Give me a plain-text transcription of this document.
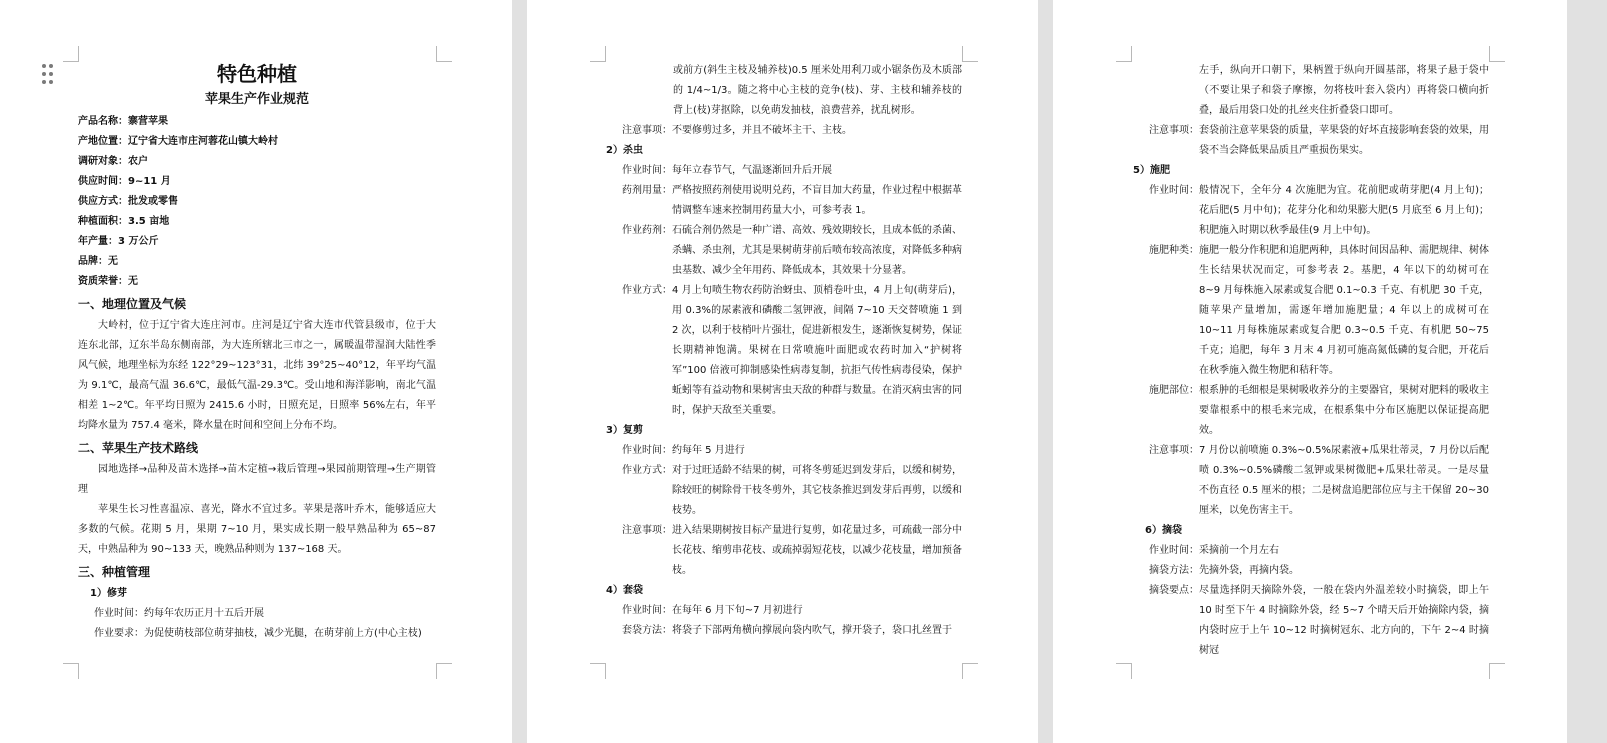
特色种植

苹果生产作业规范

产品名称：寨营苹果

产地位置：辽宁省大连市庄河蓉花山镇大岭村

调研对象：农户

供应时间：9~11 月

供应方式：批发或零售

种植面积：3.5 亩地

年产量：3 万公斤

品牌：无

资质荣誉：无

一、地理位置及气候

大岭村，位于辽宁省大连庄河市。庄河是辽宁省大连市代管县级市，位于大连东北部，辽东半岛东侧南部，为大连所辖北三市之一，属暖温带湿润大陆性季风气候，地理坐标为东经 122°29~123°31，北纬 39°25~40°12，年平均气温为 9.1℃，最高气温 36.6℃，最低气温-29.3℃。受山地和海洋影响，南北气温相差 1~2℃。年平均日照为 2415.6 小时，日照充足，日照率 56%左右，年平均降水量为 757.4 毫米，降水量在时间和空间上分布不均。

二、苹果生产技术路线

园地选择→品种及苗木选择→苗木定植→栽后管理→果园前期管理→生产期管理

苹果生长习性喜温凉、喜光，降水不宜过多。苹果是落叶乔木，能够适应大多数的气候。花期 5 月，果期 7~10 月，果实成长期一般早熟品种为 65~87 天，中熟品种为 90~133 天，晚熟品种则为 137~168 天。

三、种植管理

1）修芽

作业时间： 约每年农历正月十五后开展
作业要求： 为促使萌枝部位萌芽抽枝，减少光腿，在萌芽前上方(中心主枝)

或前方(斜生主枝及辅养枝)0.5 厘米处用利刀或小锯条伤及木质部的 1/4~1/3。随之将中心主枝的竞争(枝)、芽、主枝和辅养枝的背上(枝)芽抠除，以免萌发抽枝，浪费营养，扰乱树形。

注意事项： 不要修剪过多，并且不破坏主干、主枝。

2）杀虫

作业时间： 每年立春节气，气温逐渐回升后开展
药剂用量： 严格按照药剂使用说明兑药，不盲目加大药量，作业过程中根据革情调整车速来控制用药量大小，可参考表 1。
作业药剂： 石硫合剂仍然是一种广谱、高效、残效期较长，且成本低的杀菌、杀螨、杀虫剂，尤其是果树萌芽前后喷布较高浓度，对降低多种病虫基数、减少全年用药、降低成本，其效果十分显著。
作业方式： 4 月上旬喷生物农药防治蚜虫、顶梢卷叶虫，4 月上旬(萌芽后)，用 0.3%的尿素液和磷酸二氢钾液，间隔 7~10 天交替喷施 1 到 2 次，以利于枝梢叶片强壮，促进新根发生，逐渐恢复树势，保证长期精神饱满。果树在日常喷施叶面肥或农药时加入“护树将军”100 倍液可抑制感染性病毒复制，抗拒气传性病毒侵染，保护蚯蚓等有益动物和果树害虫天敌的种群与数量。在消灭病虫害的同时，保护天敌至关重要。

3）复剪

作业时间： 约每年 5 月进行
作业方式： 对于过旺适龄不结果的树，可将冬剪延迟到发芽后，以缓和树势，除较旺的树除骨干枝冬剪外，其它枝条推迟到发芽后再剪，以缓和枝势。
注意事项： 进入结果期树按目标产量进行复剪，如花量过多，可疏截一部分中长花枝、缩剪串花枝、或疏掉弱短花枝，以减少花枝量，增加预备枝。

4）套袋

作业时间： 在每年 6 月下旬~7 月初进行
套袋方法： 将袋子下部两角横向撑展向袋内吹气，撑开袋子，袋口扎丝置于

左手，纵向开口朝下，果柄置于纵向开圆基部，将果子悬于袋中（不要让果子和袋子摩擦，勿将枝叶套入袋内）再将袋口横向折叠，最后用袋口处的扎丝夹住折叠袋口即可。

注意事项： 套袋前注意苹果袋的质量，苹果袋的好坏直接影响套袋的效果，用袋不当会降低果品质且严重损伤果实。

5）施肥

作业时间： 般情况下，全年分 4 次施肥为宜。花前肥或萌芽肥(4 月上旬)；花后肥(5 月中旬)；花芽分化和幼果膨大肥(5 月底至 6 月上旬)；积肥施入时期以秋季最佳(9 月上中旬)。
施肥种类： 施肥一般分作积肥和追肥两种，具体时间因品种、需肥规律、树体生长结果状况而定，可参考表 2。基肥，4 年以下的幼树可在 8~9 月每株施入尿素或复合肥 0.1~0.3 千克、有机肥 30 千克，随苹果产量增加，需逐年增加施肥量；4 年以上的成树可在 10~11 月每株施尿素或复合肥 0.3~0.5 千克、有机肥 50~75 千克；追肥，每年 3 月末 4 月初可施高氮低磷的复合肥，开花后在秋季施入微生物肥和秸秆等。
施肥部位： 根系肿的毛细根是果树吸收养分的主要器官，果树对肥料的吸收主要靠根系中的根毛来完成，在根系集中分布区施肥以保证提高肥效。
注意事项： 7 月份以前喷施 0.3%~0.5%尿素液+瓜果壮蒂灵，7 月份以后配喷 0.3%~0.5%磷酸二氢钾或果树微肥+瓜果壮蒂灵。一是尽量不伤直径 0.5 厘米的根；二是树盘追肥部位应与主干保留 20~30 厘米，以免伤害主干。

6）摘袋

作业时间： 采摘前一个月左右
摘袋方法： 先摘外袋，再摘内袋。
摘袋要点： 尽量选择阴天摘除外袋，一般在袋内外温差较小时摘袋，即上午 10 时至下午 4 时摘除外袋，经 5~7 个晴天后开始摘除内袋，摘内袋时应于上午 10~12 时摘树冠东、北方向的，下午 2~4 时摘树冠
